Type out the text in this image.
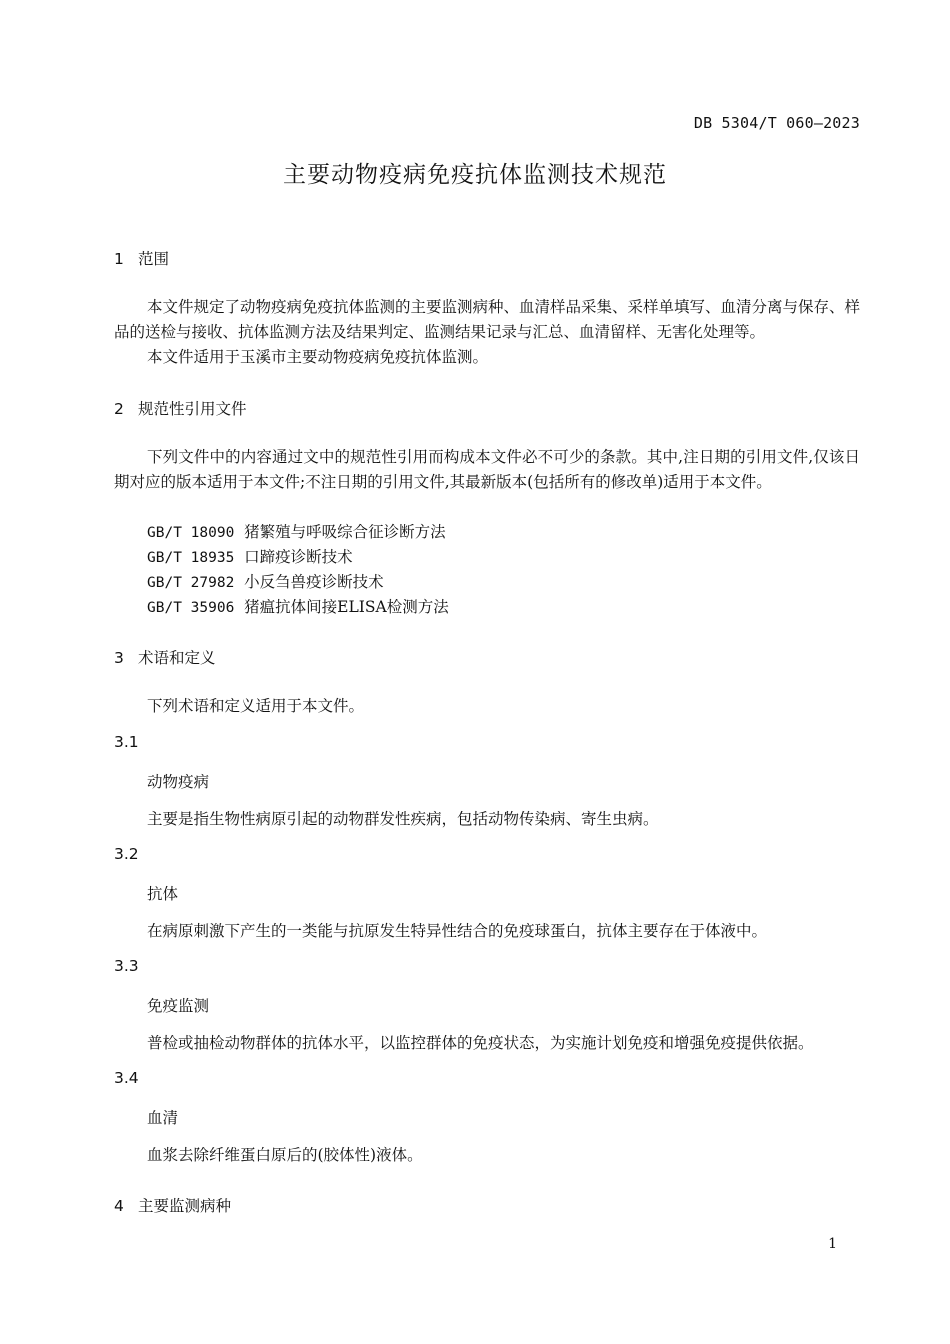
DB 5304/T 060—2023
主要动物疫病免疫抗体监测技术规范
1 范围
本文件规定了动物疫病免疫抗体监测的主要监测病种、血清样品采集、采样单填写、血清分离与保存、样品的送检与接收、抗体监测方法及结果判定、监测结果记录与汇总、血清留样、无害化处理等。
本文件适用于玉溪市主要动物疫病免疫抗体监测。
2 规范性引用文件
下列文件中的内容通过文中的规范性引用而构成本文件必不可少的条款。其中,注日期的引用文件,仅该日期对应的版本适用于本文件;不注日期的引用文件,其最新版本(包括所有的修改单)适用于本文件。
GB/T 18090 猪繁殖与呼吸综合征诊断方法
GB/T 18935 口蹄疫诊断技术
GB/T 27982 小反刍兽疫诊断技术
GB/T 35906 猪瘟抗体间接ELISA检测方法
3 术语和定义
下列术语和定义适用于本文件。
3.1
动物疫病
主要是指生物性病原引起的动物群发性疾病，包括动物传染病、寄生虫病。
3.2
抗体
在病原刺激下产生的一类能与抗原发生特异性结合的免疫球蛋白，抗体主要存在于体液中。
3.3
免疫监测
普检或抽检动物群体的抗体水平，以监控群体的免疫状态，为实施计划免疫和增强免疫提供依据。
3.4
血清
血浆去除纤维蛋白原后的(胶体性)液体。
4 主要监测病种
1
